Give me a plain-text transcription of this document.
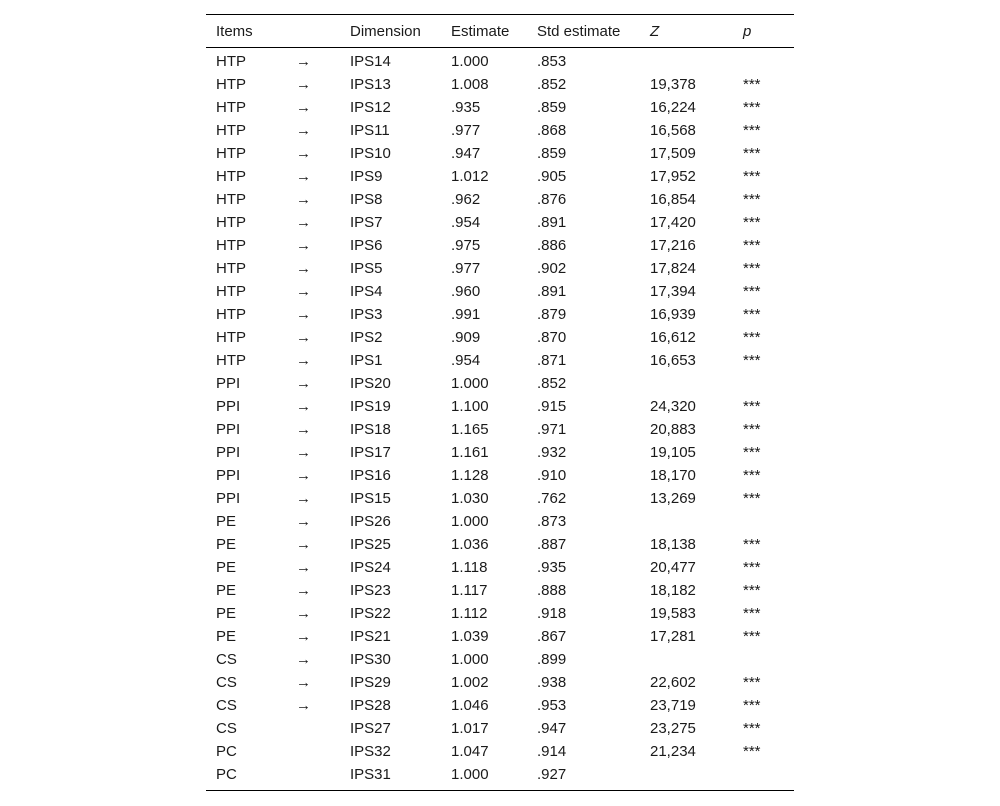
Items		Dimension	Estimate	Std estimate	Z	p
HTP	→	IPS14	1.000	.853		
HTP	→	IPS13	1.008	.852	19,378	***
HTP	→	IPS12	.935	.859	16,224	***
HTP	→	IPS11	.977	.868	16,568	***
HTP	→	IPS10	.947	.859	17,509	***
HTP	→	IPS9	1.012	.905	17,952	***
HTP	→	IPS8	.962	.876	16,854	***
HTP	→	IPS7	.954	.891	17,420	***
HTP	→	IPS6	.975	.886	17,216	***
HTP	→	IPS5	.977	.902	17,824	***
HTP	→	IPS4	.960	.891	17,394	***
HTP	→	IPS3	.991	.879	16,939	***
HTP	→	IPS2	.909	.870	16,612	***
HTP	→	IPS1	.954	.871	16,653	***
PPI	→	IPS20	1.000	.852		
PPI	→	IPS19	1.100	.915	24,320	***
PPI	→	IPS18	1.165	.971	20,883	***
PPI	→	IPS17	1.161	.932	19,105	***
PPI	→	IPS16	1.128	.910	18,170	***
PPI	→	IPS15	1.030	.762	13,269	***
PE	→	IPS26	1.000	.873		
PE	→	IPS25	1.036	.887	18,138	***
PE	→	IPS24	1.118	.935	20,477	***
PE	→	IPS23	1.117	.888	18,182	***
PE	→	IPS22	1.112	.918	19,583	***
PE	→	IPS21	1.039	.867	17,281	***
CS	→	IPS30	1.000	.899		
CS	→	IPS29	1.002	.938	22,602	***
CS	→	IPS28	1.046	.953	23,719	***
CS		IPS27	1.017	.947	23,275	***
PC		IPS32	1.047	.914	21,234	***
PC		IPS31	1.000	.927		
